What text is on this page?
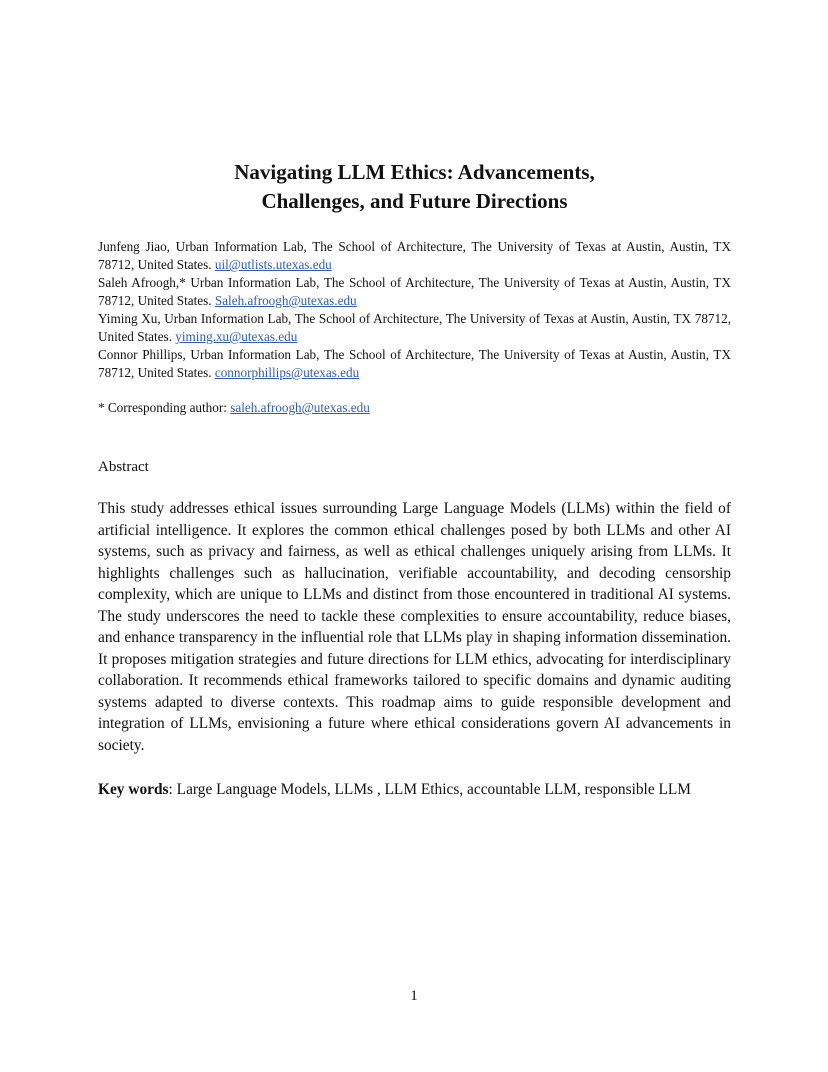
Navigating LLM Ethics: Advancements,
Challenges, and Future Directions
Junfeng Jiao, Urban Information Lab, The School of Architecture, The University of Texas at Austin, Austin, TX 78712, United States. uil@utlists.utexas.edu
Saleh Afroogh,* Urban Information Lab, The School of Architecture, The University of Texas at Austin, Austin, TX 78712, United States. Saleh.afroogh@utexas.edu
Yiming Xu, Urban Information Lab, The School of Architecture, The University of Texas at Austin, Austin, TX 78712, United States. yiming.xu@utexas.edu
Connor Phillips, Urban Information Lab, The School of Architecture, The University of Texas at Austin, Austin, TX 78712, United States. connorphillips@utexas.edu
* Corresponding author: saleh.afroogh@utexas.edu
Abstract
This study addresses ethical issues surrounding Large Language Models (LLMs) within the field of artificial intelligence. It explores the common ethical challenges posed by both LLMs and other AI systems, such as privacy and fairness, as well as ethical challenges uniquely arising from LLMs. It highlights challenges such as hallucination, verifiable accountability, and decoding censorship complexity, which are unique to LLMs and distinct from those encountered in traditional AI systems. The study underscores the need to tackle these complexities to ensure accountability, reduce biases, and enhance transparency in the influential role that LLMs play in shaping information dissemination. It proposes mitigation strategies and future directions for LLM ethics, advocating for interdisciplinary collaboration. It recommends ethical frameworks tailored to specific domains and dynamic auditing systems adapted to diverse contexts. This roadmap aims to guide responsible development and integration of LLMs, envisioning a future where ethical considerations govern AI advancements in society.
Key words: Large Language Models, LLMs , LLM Ethics, accountable LLM, responsible LLM
1
